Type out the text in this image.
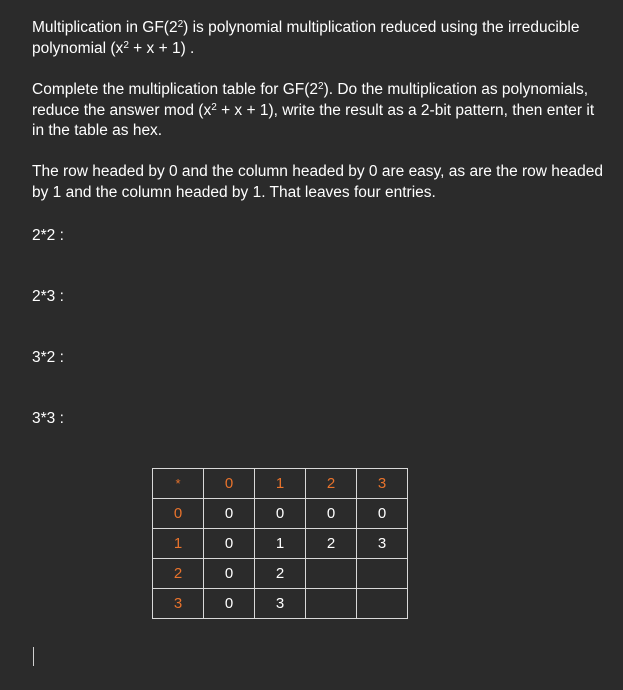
Multiplication in $GF(2^2)$ is polynomial multiplication reduced using the irreducible polynomial $(x^2 + x + 1)$ .

Complete the multiplication table for $GF(2^2)$. Do the multiplication as polynomials, reduce the answer mod $(x^2 + x + 1)$, write the result as a 2-bit pattern, then enter it in the table as hex.

The row headed by 0 and the column headed by 0 are easy, as are the row headed by 1 and the column headed by 1. That leaves four entries.

2*2 :

2*3 :

3*2 :

3*3 :

*	0	1	2	3
0	0	0	0	0
1	0	1	2	3
2	0	2		
3	0	3		
